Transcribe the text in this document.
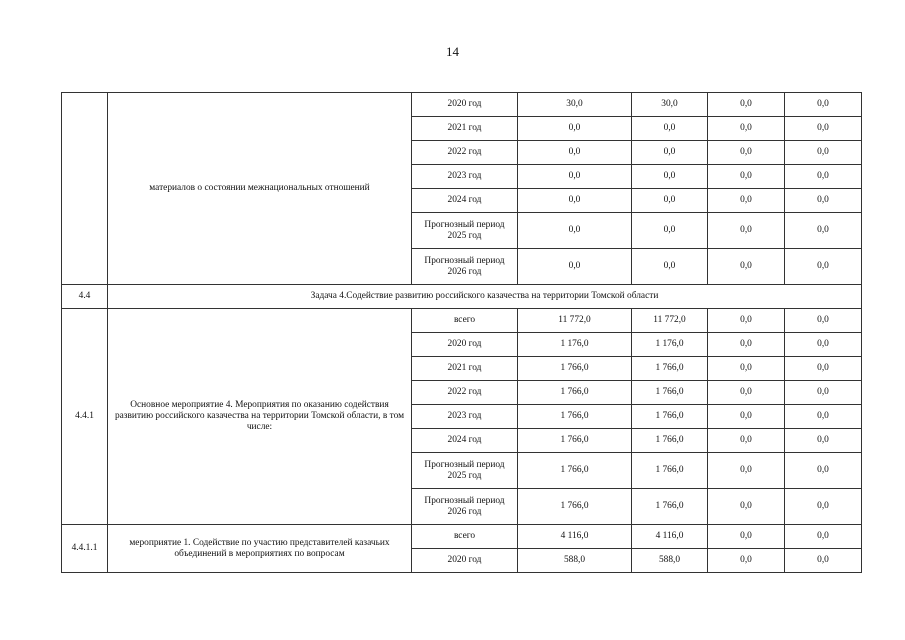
14
	материалов о состоянии межнациональных отношений	2020 год	30,0	30,0	0,0	0,0
		2021 год	0,0	0,0	0,0	0,0
		2022 год	0,0	0,0	0,0	0,0
		2023 год	0,0	0,0	0,0	0,0
		2024 год	0,0	0,0	0,0	0,0
		Прогнозный период 2025 год	0,0	0,0	0,0	0,0
		Прогнозный период 2026 год	0,0	0,0	0,0	0,0
4.4	Задача 4.Содействие развитию российского казачества на территории Томской области					
4.4.1	Основное мероприятие 4. Мероприятия по оказанию содействия развитию российского казачества на территории Томской области, в том числе:	всего	11 772,0	11 772,0	0,0	0,0
		2020 год	1 176,0	1 176,0	0,0	0,0
		2021 год	1 766,0	1 766,0	0,0	0,0
		2022 год	1 766,0	1 766,0	0,0	0,0
		2023 год	1 766,0	1 766,0	0,0	0,0
		2024 год	1 766,0	1 766,0	0,0	0,0
		Прогнозный период 2025 год	1 766,0	1 766,0	0,0	0,0
		Прогнозный период 2026 год	1 766,0	1 766,0	0,0	0,0
4.4.1.1	мероприятие 1. Содействие по участию представителей казачьих объединений в мероприятиях по вопросам	всего	4 116,0	4 116,0	0,0	0,0
		2020 год	588,0	588,0	0,0	0,0
